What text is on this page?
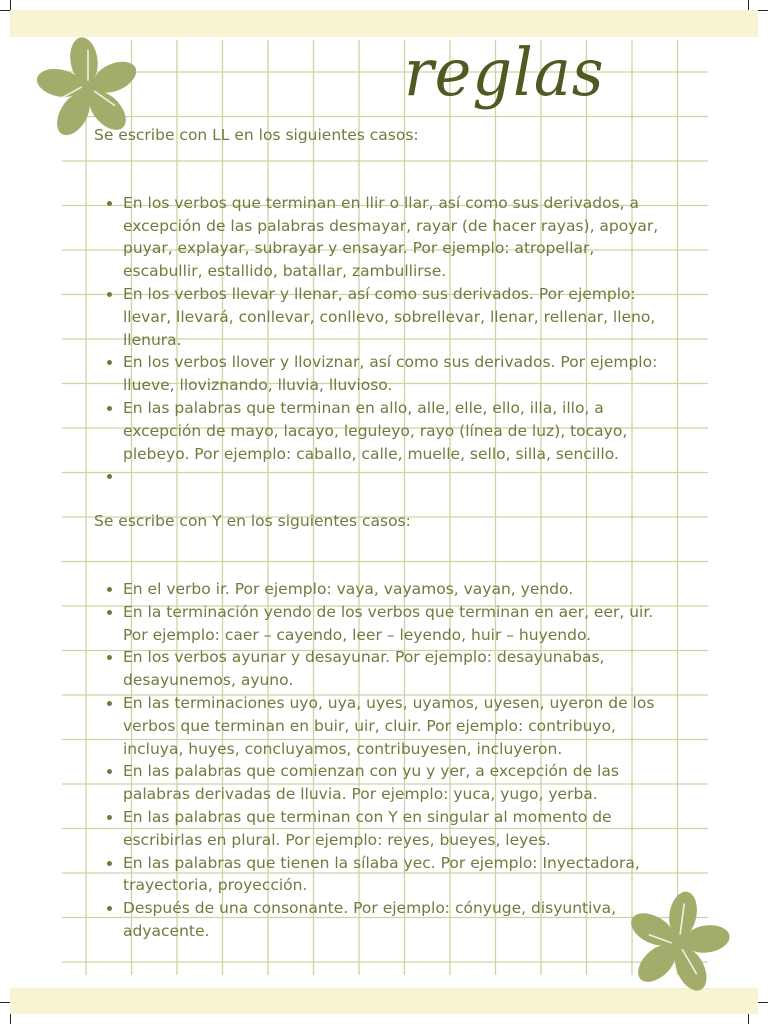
reglas

Se escribe con LL en los siguientes casos:

• En los verbos que terminan en llir o llar, así como sus derivados, a excepción de las palabras desmayar, rayar (de hacer rayas), apoyar, puyar, explayar, subrayar y ensayar. Por ejemplo: atropellar, escabullir, estallido, batallar, zambullirse.
• En los verbos llevar y llenar, así como sus derivados. Por ejemplo: llevar, llevará, conllevar, conllevo, sobrellevar, llenar, rellenar, lleno, llenura.
• En los verbos llover y lloviznar, así como sus derivados. Por ejemplo: llueve, lloviznando, lluvia, lluvioso.
• En las palabras que terminan en allo, alle, elle, ello, illa, illo, a excepción de mayo, lacayo, leguleyo, rayo (línea de luz), tocayo, plebeyo. Por ejemplo: caballo, calle, muelle, sello, silla, sencillo.
•

Se escribe con Y en los siguientes casos:

• En el verbo ir. Por ejemplo: vaya, vayamos, vayan, yendo.
• En la terminación yendo de los verbos que terminan en aer, eer, uir. Por ejemplo: caer – cayendo, leer – leyendo, huir – huyendo.
• En los verbos ayunar y desayunar. Por ejemplo: desayunabas, desayunemos, ayuno.
• En las terminaciones uyo, uya, uyes, uyamos, uyesen, uyeron de los verbos que terminan en buir, uir, cluir. Por ejemplo: contribuyo, incluya, huyes, concluyamos, contribuyesen, incluyeron.
• En las palabras que comienzan con yu y yer, a excepción de las palabras derivadas de lluvia. Por ejemplo: yuca, yugo, yerba.
• En las palabras que terminan con Y en singular al momento de escribirlas en plural. Por ejemplo: reyes, bueyes, leyes.
• En las palabras que tienen la sílaba yec. Por ejemplo: Inyectadora, trayectoria, proyección.
• Después de una consonante. Por ejemplo: cónyuge, disyuntiva, adyacente.
